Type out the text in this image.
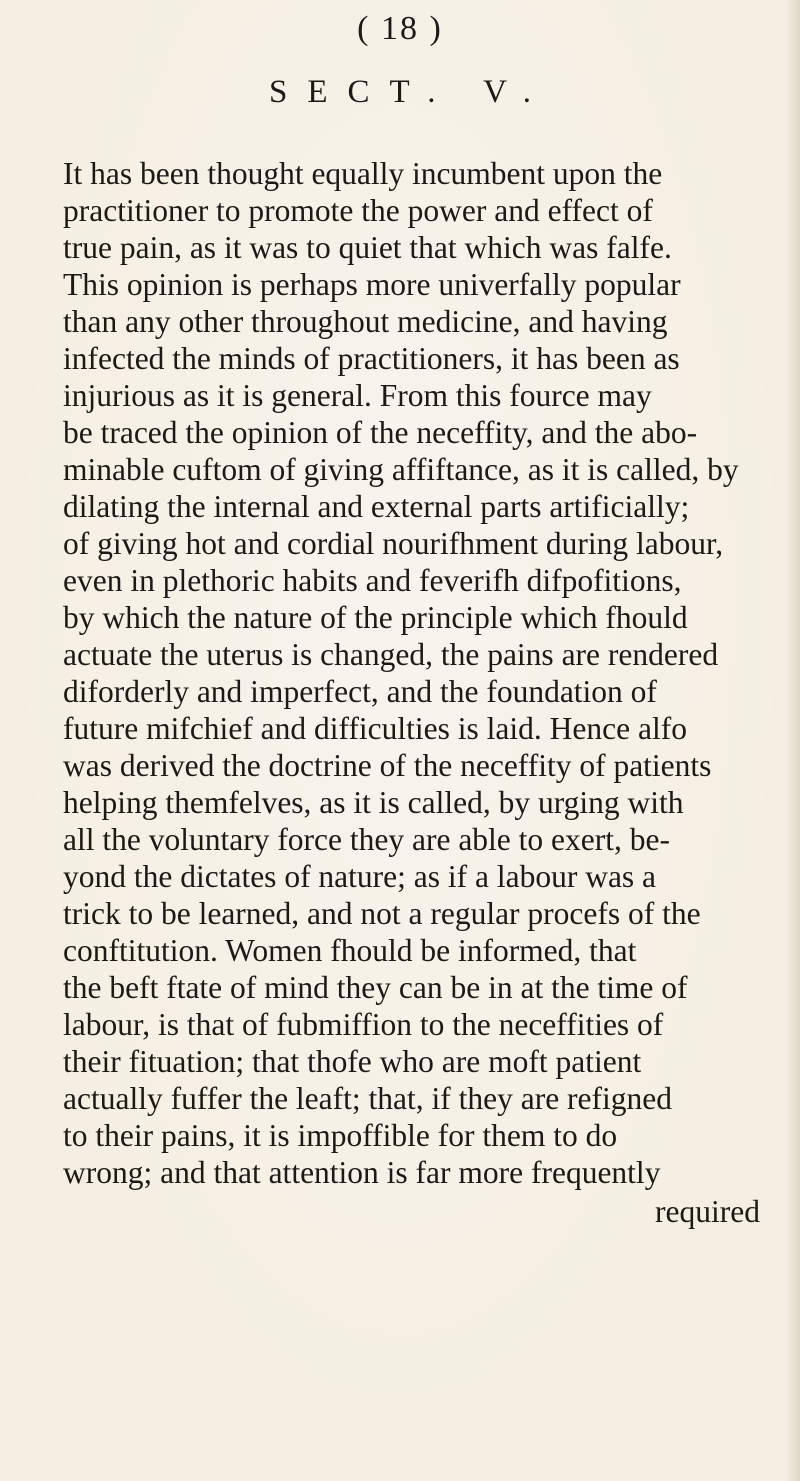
( 18 )
SECT. V.
It has been thought equally incumbent upon the
practitioner to promote the power and effect of
true pain, as it was to quiet that which was falfe.
This opinion is perhaps more univerfally popular
than any other throughout medicine, and having
infected the minds of practitioners, it has been as
injurious as it is general. From this fource may
be traced the opinion of the neceffity, and the abo-
minable cuftom of giving affiftance, as it is called, by
dilating the internal and external parts artificially;
of giving hot and cordial nourifhment during labour,
even in plethoric habits and feverifh difpofitions,
by which the nature of the principle which fhould
actuate the uterus is changed, the pains are rendered
diforderly and imperfect, and the foundation of
future mifchief and difficulties is laid. Hence alfo
was derived the doctrine of the neceffity of patients
helping themfelves, as it is called, by urging with
all the voluntary force they are able to exert, be-
yond the dictates of nature; as if a labour was a
trick to be learned, and not a regular procefs of the
conftitution. Women fhould be informed, that
the beft ftate of mind they can be in at the time of
labour, is that of fubmiffion to the neceffities of
their fituation; that thofe who are moft patient
actually fuffer the leaft; that, if they are refigned
to their pains, it is impoffible for them to do
wrong; and that attention is far more frequently
required
